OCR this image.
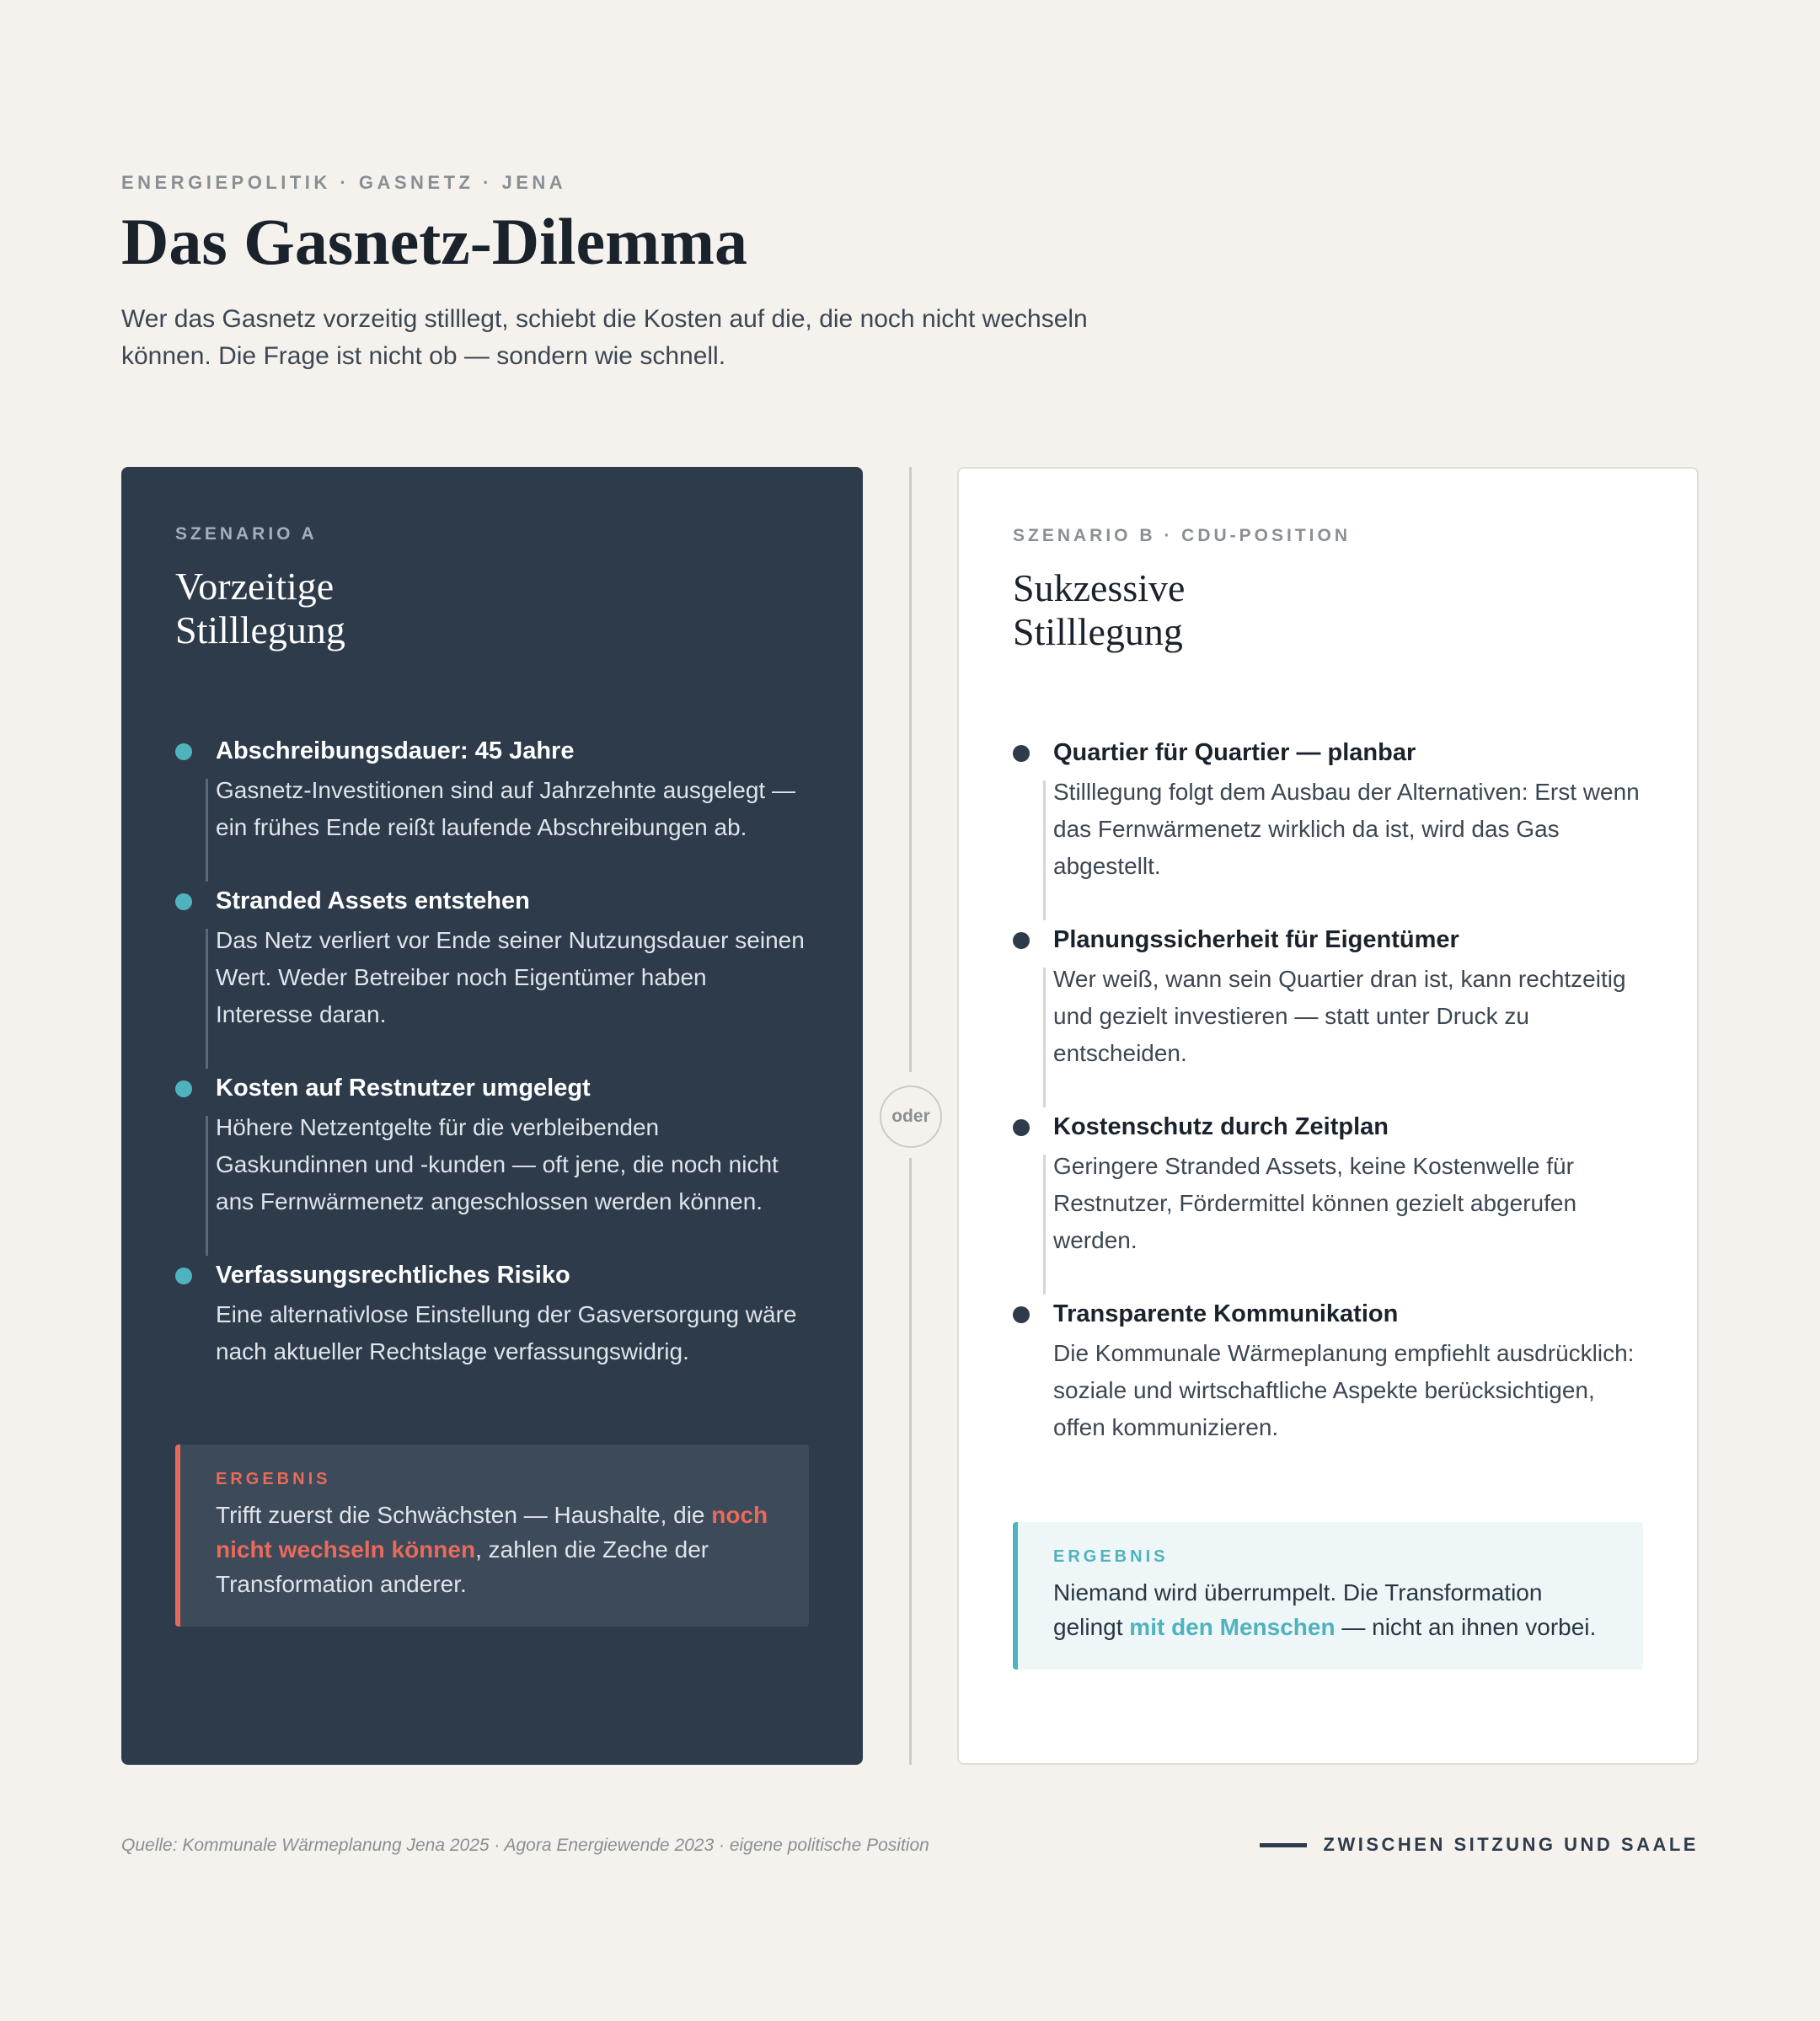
ENERGIEPOLITIK · GASNETZ · JENA
Das Gasnetz-Dilemma

Wer das Gasnetz vorzeitig stilllegt, schiebt die Kosten auf die, die noch nicht wechseln können. Die Frage ist nicht ob — sondern wie schnell.

SZENARIO A
Vorzeitige
Stilllegung
Abschreibungsdauer: 45 Jahre
Gasnetz-Investitionen sind auf Jahrzehnte ausgelegt — ein frühes Ende reißt laufende Abschreibungen ab.
Stranded Assets entstehen
Das Netz verliert vor Ende seiner Nutzungsdauer seinen Wert. Weder Betreiber noch Eigentümer haben Interesse daran.
Kosten auf Restnutzer umgelegt
Höhere Netzentgelte für die verbleibenden Gaskundinnen und -kunden — oft jene, die noch nicht ans Fernwärmenetz angeschlossen werden können.
Verfassungsrechtliches Risiko
Eine alternativlose Einstellung der Gasversorgung wäre nach aktueller Rechtslage verfassungswidrig.
ERGEBNIS
Trifft zuerst die Schwächsten — Haushalte, die noch nicht wechseln können, zahlen die Zeche der Transformation anderer.
oder
SZENARIO B · CDU-POSITION
Sukzessive
Stilllegung
Quartier für Quartier — planbar
Stilllegung folgt dem Ausbau der Alternativen: Erst wenn das Fernwärmenetz wirklich da ist, wird das Gas abgestellt.
Planungssicherheit für Eigentümer
Wer weiß, wann sein Quartier dran ist, kann rechtzeitig und gezielt investieren — statt unter Druck zu entscheiden.
Kostenschutz durch Zeitplan
Geringere Stranded Assets, keine Kostenwelle für Restnutzer, Fördermittel können gezielt abgerufen werden.
Transparente Kommunikation
Die Kommunale Wärmeplanung empfiehlt ausdrücklich: soziale und wirtschaftliche Aspekte berücksichtigen, offen kommunizieren.
ERGEBNIS
Niemand wird überrumpelt. Die Transformation gelingt mit den Menschen — nicht an ihnen vorbei.
Quelle: Kommunale Wärmeplanung Jena 2025 · Agora Energiewende 2023 · eigene politische Position	ZWISCHEN SITZUNG UND SAALE
